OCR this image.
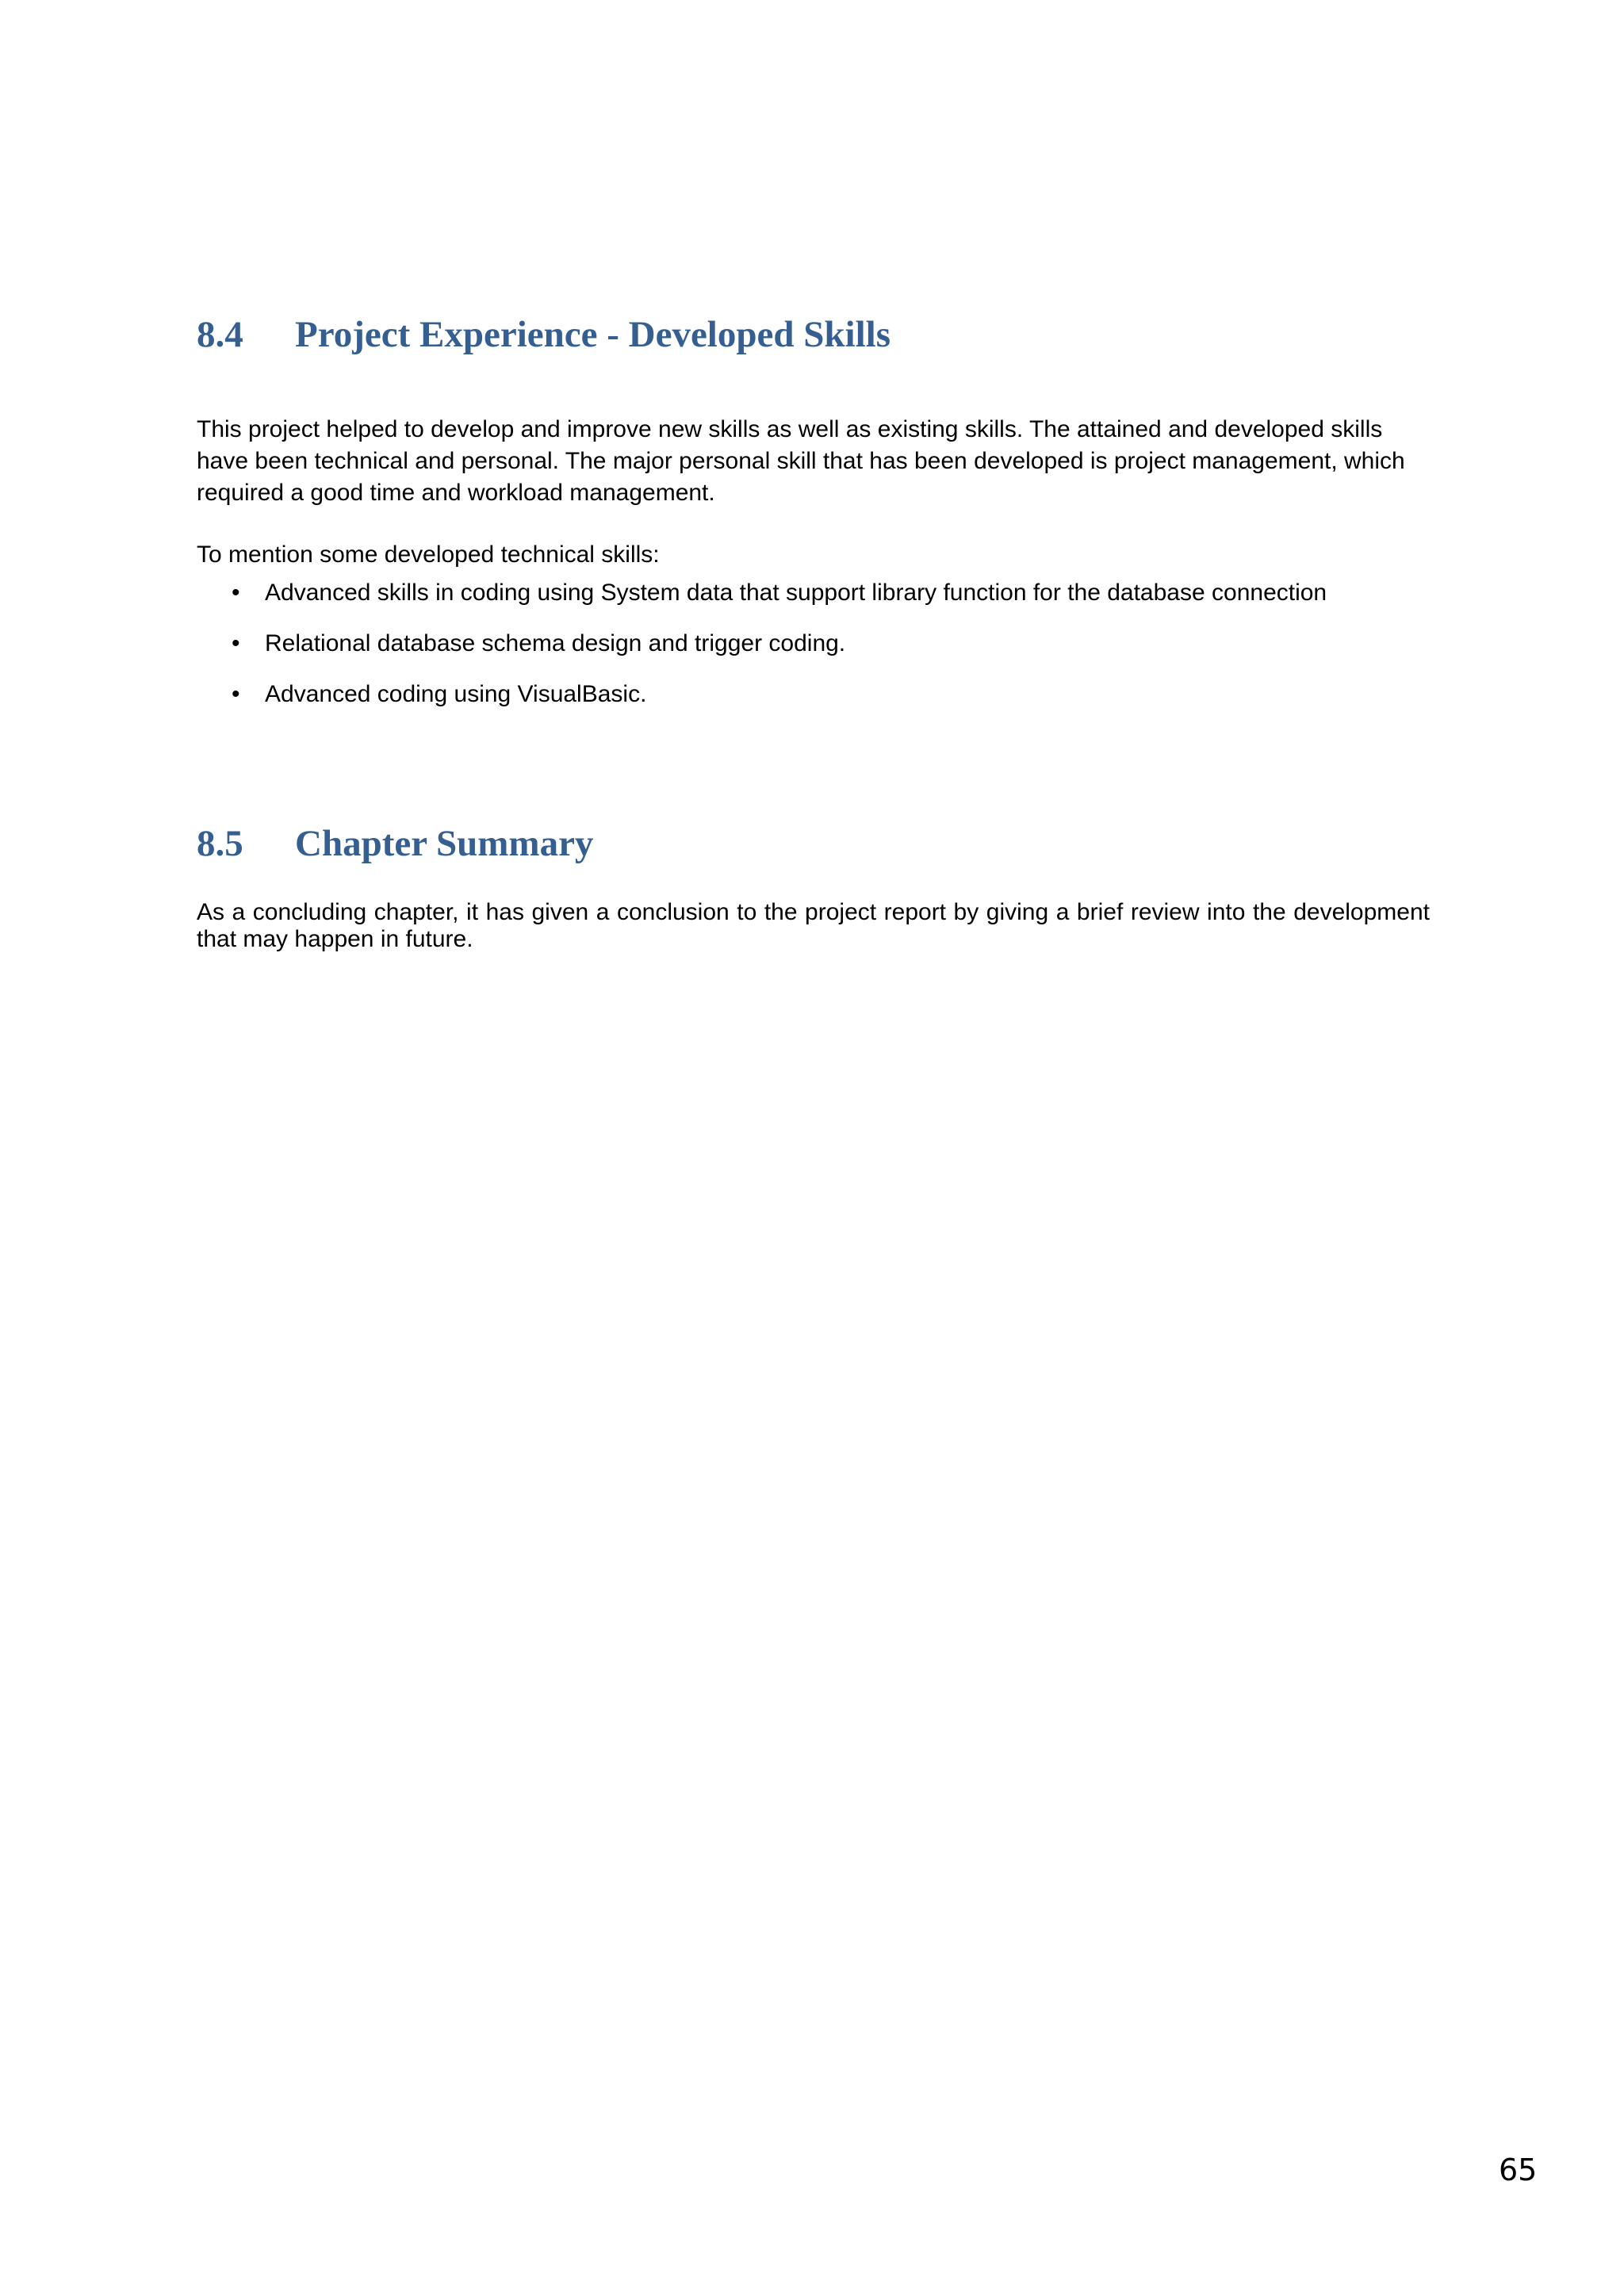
8.4 Project Experience - Developed Skills

This project helped to develop and improve new skills as well as existing skills. The attained and developed skills have been technical and personal. The major personal skill that has been developed is project management, which required a good time and workload management.

To mention some developed technical skills:

• Advanced skills in coding using System data that support library function for the database connection
• Relational database schema design and trigger coding.
• Advanced coding using VisualBasic.
8.5 Chapter Summary

As a concluding chapter, it has given a conclusion to the project report by giving a brief review into the development that may happen in future.

65
